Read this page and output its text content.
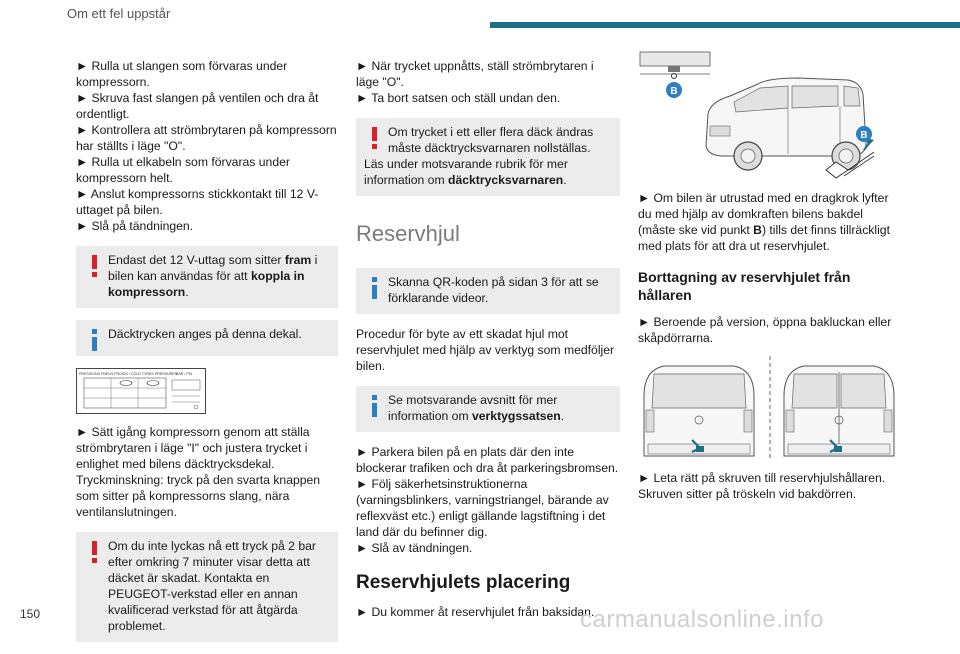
Om ett fel uppstår

► Rulla ut slangen som förvaras under kompressorn.

► Skruva fast slangen på ventilen och dra åt ordentligt.

► Kontrollera att strömbrytaren på kompressorn har ställts i läge "O".

► Rulla ut elkabeln som förvaras under kompressorn helt.

► Anslut kompressorns stickkontakt till 12 V-uttaget på bilen.

► Slå på tändningen.

Endast det 12 V-uttag som sitter fram i bilen kan användas för att koppla in kompressorn.

Däcktrycken anges på denna dekal.

PRESSIONS PNEUS FROIDS / COLD TYRES PRESSURES BAR / PSI

► Sätt igång kompressorn genom att ställa strömbrytaren i läge "I" och justera trycket i enlighet med bilens däcktrycksdekal.

Tryckminskning: tryck på den svarta knappen som sitter på kompressorns slang, nära ventilanslutningen.

Om du inte lyckas nå ett tryck på 2 bar efter omkring 7 minuter visar detta att däcket är skadat. Kontakta en PEUGEOT-verkstad eller en annan kvalificerad verkstad för att åtgärda problemet.

► När trycket uppnåtts, ställ strömbrytaren i läge "O".

► Ta bort satsen och ställ undan den.

Om trycket i ett eller flera däck ändras måste däcktrycksvarnaren nollställas.

Läs under motsvarande rubrik för mer information om däcktrycksvarnaren.

Reservhjul

Skanna QR-koden på sidan 3 för att se förklarande videor.

Procedur för byte av ett skadat hjul mot reservhjulet med hjälp av verktyg som medföljer bilen.

Se motsvarande avsnitt för mer information om verktygssatsen.

► Parkera bilen på en plats där den inte blockerar trafiken och dra åt parkeringsbromsen.

► Följ säkerhetsinstruktionerna (varningsblinkers, varningstriangel, bärande av reflexväst etc.) enligt gällande lagstiftning i det land där du befinner dig.

► Slå av tändningen.

Reservhjulets placering

► Du kommer åt reservhjulet från baksidan.

B
B

► Om bilen är utrustad med en dragkrok lyfter du med hjälp av domkraften bilens bakdel (måste ske vid punkt B) tills det finns tillräckligt med plats för att dra ut reservhjulet.

Borttagning av reservhjulet från hållaren

► Beroende på version, öppna bakluckan eller skåpdörrarna.

► Leta rätt på skruven till reservhjulshållaren. Skruven sitter på tröskeln vid bakdörren.

150	carmanualsonline.info
